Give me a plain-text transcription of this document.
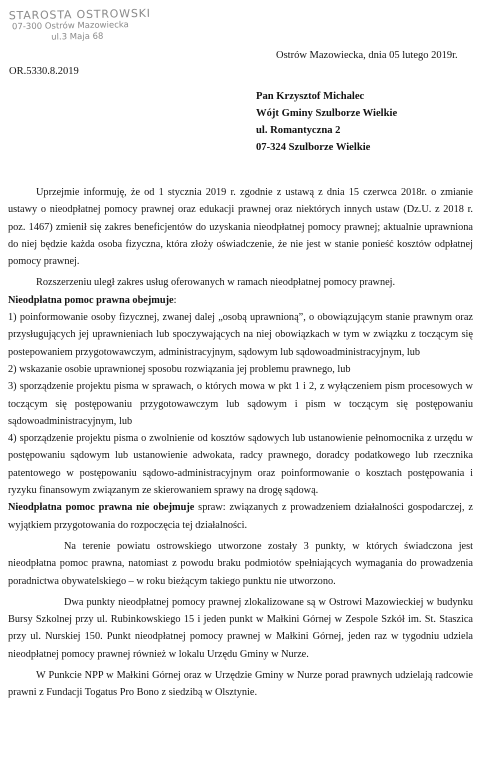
STAROSTA OSTROWSKI
07-300 Ostrów Mazowiecka
ul.3 Maja 68
Ostrów Mazowiecka, dnia 05 lutego 2019r.
OR.5330.8.2019
Pan Krzysztof Michalec
Wójt Gminy Szulborze Wielkie
ul. Romantyczna 2
07-324 Szulborze Wielkie

Uprzejmie informuję, że od 1 stycznia 2019 r. zgodnie z ustawą z dnia 15 czerwca 2018r. o zmianie ustawy o nieodpłatnej pomocy prawnej oraz edukacji prawnej oraz niektórych innych ustaw (Dz.U. z 2018 r. poz. 1467) zmienił się zakres beneficjentów do uzyskania nieodpłatnej pomocy prawnej; aktualnie uprawniona do niej będzie każda osoba fizyczna, która złoży oświadczenie, że nie jest w stanie ponieść kosztów odpłatnej pomocy prawnej.

Rozszerzeniu uległ zakres usług oferowanych w ramach nieodpłatnej pomocy prawnej.

Nieodpłatna pomoc prawna obejmuje:

1) poinformowanie osoby fizycznej, zwanej dalej „osobą uprawnioną”, o obowiązującym stanie prawnym oraz przysługujących jej uprawnieniach lub spoczywających na niej obowiązkach w tym w związku z toczącym się postepowaniem przygotowawczym, administracyjnym, sądowym lub sądowoadministracyjnym, lub

2) wskazanie osobie uprawnionej sposobu rozwiązania jej problemu prawnego, lub

3) sporządzenie projektu pisma w sprawach, o których mowa w pkt 1 i 2, z wyłączeniem pism procesowych w toczącym się postępowaniu przygotowawczym lub sądowym i pism w toczącym się postępowaniu sądowoadministracyjnym, lub

4) sporządzenie projektu pisma o zwolnienie od kosztów sądowych lub ustanowienie pełnomocnika z urzędu w postępowaniu sądowym lub ustanowienie adwokata, radcy prawnego, doradcy podatkowego lub rzecznika patentowego w postępowaniu sądowo-administracyjnym oraz poinformowanie o kosztach postępowania i ryzyku finansowym związanym ze skierowaniem sprawy na drogę sądową.

Nieodpłatna pomoc prawna nie obejmuje spraw: związanych z prowadzeniem działalności gospodarczej, z wyjątkiem przygotowania do rozpoczęcia tej działalności.

Na terenie powiatu ostrowskiego utworzone zostały 3 punkty, w których świadczona jest nieodpłatna pomoc prawna, natomiast z powodu braku podmiotów spełniających wymagania do prowadzenia poradnictwa obywatelskiego – w roku bieżącym takiego punktu nie utworzono.

Dwa punkty nieodpłatnej pomocy prawnej zlokalizowane są w Ostrowi Mazowieckiej w budynku Bursy Szkolnej przy ul. Rubinkowskiego 15 i jeden punkt w Małkini Górnej w Zespole Szkół im. St. Staszica przy ul. Nurskiej 150. Punkt nieodpłatnej pomocy prawnej w Małkini Górnej, jeden raz w tygodniu udziela nieodpłatnej pomocy prawnej również w lokalu Urzędu Gminy w Nurze.

W Punkcie NPP w Małkini Górnej oraz w Urzędzie Gminy w Nurze porad prawnych udzielają radcowie prawni z Fundacji Togatus Pro Bono z siedzibą w Olsztynie.
